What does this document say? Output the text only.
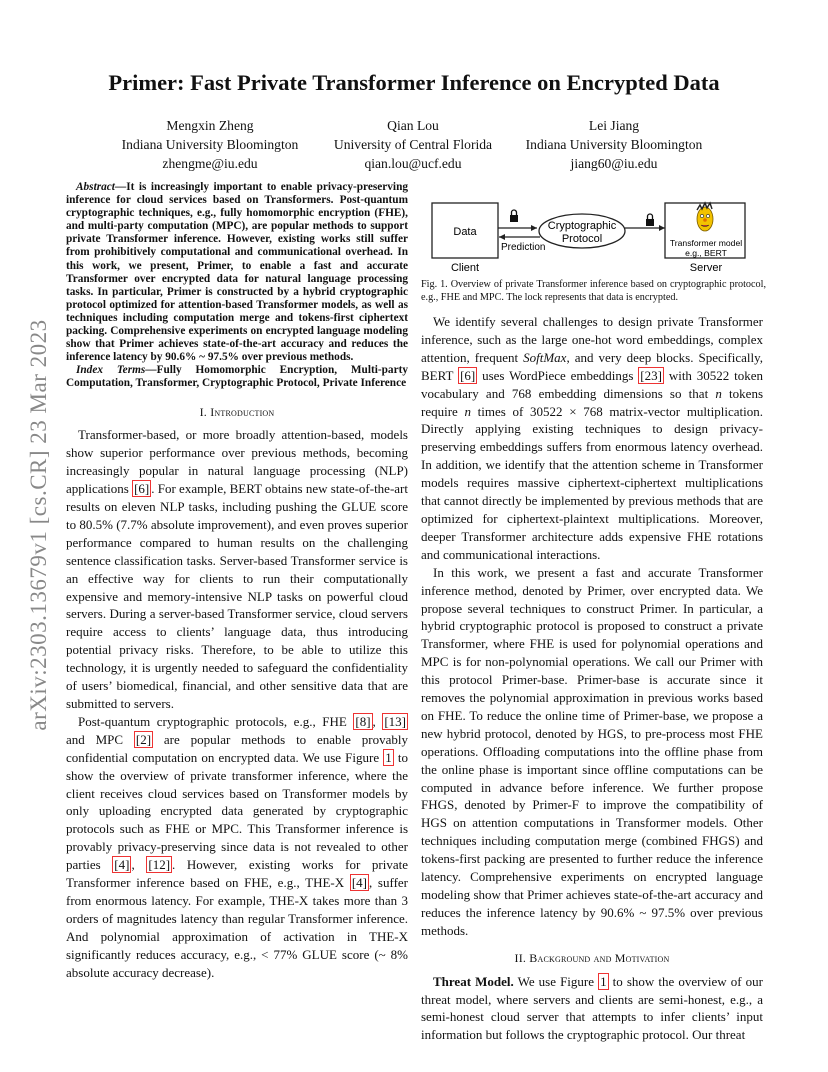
arXiv:2303.13679v1 [cs.CR] 23 Mar 2023
Primer: Fast Private Transformer Inference on Encrypted Data
Mengxin Zheng
Indiana University Bloomington
zhengme@iu.edu
Qian Lou
University of Central Florida
qian.lou@ucf.edu
Lei Jiang
Indiana University Bloomington
jiang60@iu.edu

Abstract—It is increasingly important to enable privacy-preserving inference for cloud services based on Transformers. Post-quantum cryptographic techniques, e.g., fully homomorphic encryption (FHE), and multi-party computation (MPC), are popular methods to support private Transformer inference. However, existing works still suffer from prohibitively computational and communicational overhead. In this work, we present, Primer, to enable a fast and accurate Transformer over encrypted data for natural language processing tasks. In particular, Primer is constructed by a hybrid cryptographic protocol optimized for attention-based Transformer models, as well as techniques including computation merge and tokens-first ciphertext packing. Comprehensive experiments on encrypted language modeling show that Primer achieves state-of-the-art accuracy and reduces the inference latency by 90.6% ~ 97.5% over previous methods.

Index Terms—Fully Homomorphic Encryption, Multi-party Computation, Transformer, Cryptographic Protocol, Private Inference

I. Introduction

Transformer-based, or more broadly attention-based, models show superior performance over previous methods, becoming increasingly popular in natural language processing (NLP) applications [6] . For example, BERT obtains new state-of-the-art results on eleven NLP tasks, including pushing the GLUE score to 80.5% (7.7% absolute improvement), and even proves superior performance compared to human results on the challenging sentence classification tasks. Server-based Transformer service is an effective way for clients to run their computationally expensive and memory-intensive NLP tasks on powerful cloud servers. During a server-based Transformer service, cloud servers require access to clients’ language data, thus introducing potential privacy risks. Therefore, to be able to utilize this technology, it is urgently needed to safeguard the confidentiality of users’ biomedical, financial, and other sensitive data that are submitted to servers.

Post-quantum cryptographic protocols, e.g., FHE [8] , [13] and MPC [2] are popular methods to enable provably confidential computation on encrypted data. We use Figure 1 to show the overview of private transformer inference, where the client receives cloud services based on Transformer models by only uploading encrypted data generated by cryptographic protocols such as FHE or MPC. This Transformer inference is provably privacy-preserving since data is not revealed to other parties [4] , [12] . However, existing works for private Transformer inference based on FHE, e.g., THE-X [4] , suffer from enormous latency. For example, THE-X takes more than 3 orders of magnitudes latency than regular Transformer inference. And polynomial approximation of activation in THE-X significantly reduces accuracy, e.g., < 77% GLUE score (~ 8% absolute accuracy decrease).

Data
Client
Prediction
Cryptographic
Protocol	Transformer model
e.g., BERT
Server
Fig. 1. Overview of private Transformer inference based on cryptographic protocol, e.g., FHE and MPC. The lock represents that data is encrypted.

We identify several challenges to design private Transformer inference, such as the large one-hot word embeddings, complex attention, frequent SoftMax, and very deep blocks. Specifically, BERT [6] uses WordPiece embeddings [23] with 30522 token vocabulary and 768 embedding dimensions so that n tokens require n times of 30522 × 768 matrix-vector multiplication. Directly applying existing techniques to design privacy-preserving embeddings suffers from enormous latency overhead. In addition, we identify that the attention scheme in Transformer models requires massive ciphertext-ciphertext multiplications that cannot directly be implemented by previous methods that are optimized for ciphertext-plaintext multiplications. Moreover, deeper Transformer architecture adds expensive FHE rotations and communicational interactions.

In this work, we present a fast and accurate Transformer inference method, denoted by Primer, over encrypted data. We propose several techniques to construct Primer. In particular, a hybrid cryptographic protocol is proposed to construct a private Transformer, where FHE is used for polynomial operations and MPC is for non-polynomial operations. We call our Primer with this protocol Primer-base. Primer-base is accurate since it removes the polynomial approximation in previous works based on FHE. To reduce the online time of Primer-base, we propose a new hybrid protocol, denoted by HGS, to pre-process most FHE operations. Offloading computations into the offline phase from the online phase is important since offline computations can be computed in advance before inference. We further propose FHGS, denoted by Primer-F to improve the compatibility of HGS on attention computations in Transformer models. Other techniques including computation merge (combined FHGS) and tokens-first packing are presented to further reduce the inference latency. Comprehensive experiments on encrypted language modeling show that Primer achieves state-of-the-art accuracy and reduces the inference latency by 90.6% ~ 97.5% over previous methods.

II. Background and Motivation

Threat Model. We use Figure 1 to show the overview of our threat model, where servers and clients are semi-honest, e.g., a semi-honest cloud server that attempts to infer clients’ input information but follows the cryptographic protocol. Our threat
